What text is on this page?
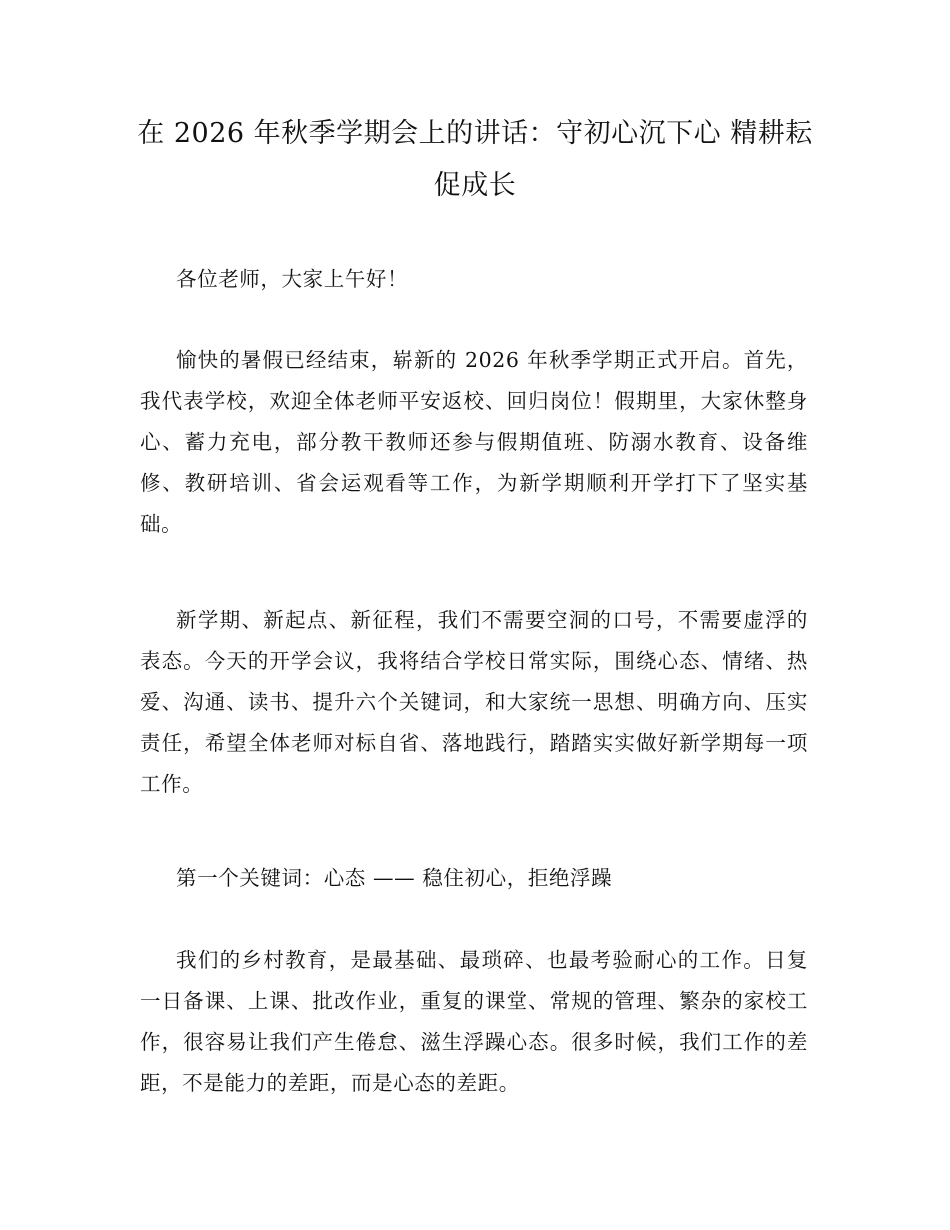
在 2026 年秋季学期会上的讲话：守初心沉下心 精耕耘促成长

各位老师，大家上午好！

愉快的暑假已经结束，崭新的 2026 年秋季学期正式开启。首先，我代表学校，欢迎全体老师平安返校、回归岗位！假期里，大家休整身心、蓄力充电，部分教干教师还参与假期值班、防溺水教育、设备维修、教研培训、省会运观看等工作，为新学期顺利开学打下了坚实基础。

新学期、新起点、新征程，我们不需要空洞的口号，不需要虚浮的表态。今天的开学会议，我将结合学校日常实际，围绕心态、情绪、热爱、沟通、读书、提升六个关键词，和大家统一思想、明确方向、压实责任，希望全体老师对标自省、落地践行，踏踏实实做好新学期每一项工作。

第一个关键词：心态 —— 稳住初心，拒绝浮躁

我们的乡村教育，是最基础、最琐碎、也最考验耐心的工作。日复一日备课、上课、批改作业，重复的课堂、常规的管理、繁杂的家校工作，很容易让我们产生倦怠、滋生浮躁心态。很多时候，我们工作的差距，不是能力的差距，而是心态的差距。
